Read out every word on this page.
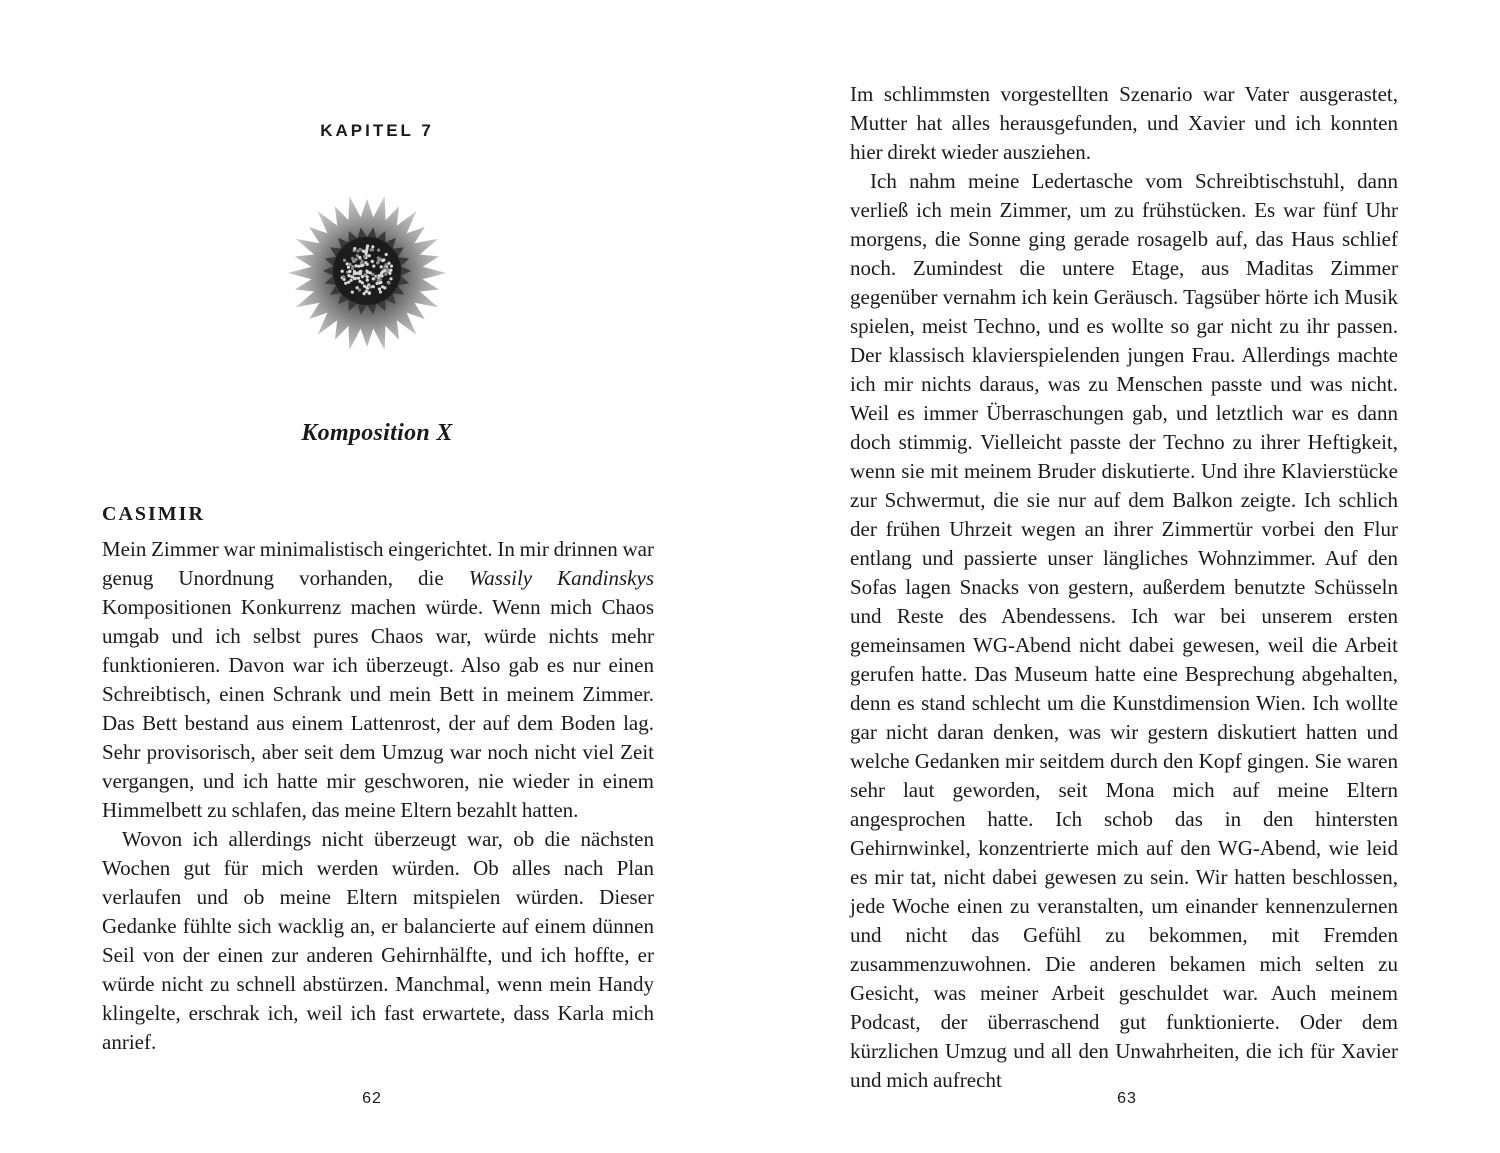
KAPITEL 7
Komposition X
CASIMIR

Mein Zimmer war minimalistisch eingerichtet. In mir drinnen war genug Unordnung vorhanden, die Wassily Kandinskys Kompositionen Konkurrenz machen würde. Wenn mich Chaos umgab und ich selbst pures Chaos war, würde nichts mehr funktionieren. Davon war ich überzeugt. Also gab es nur einen Schreibtisch, einen Schrank und mein Bett in meinem Zimmer. Das Bett bestand aus einem Lattenrost, der auf dem Boden lag. Sehr provisorisch, aber seit dem Umzug war noch nicht viel Zeit vergangen, und ich hatte mir geschworen, nie wieder in einem Himmelbett zu schlafen, das meine Eltern bezahlt hatten.

Wovon ich allerdings nicht überzeugt war, ob die nächsten Wochen gut für mich werden würden. Ob alles nach Plan verlaufen und ob meine Eltern mitspielen würden. Dieser Gedanke fühlte sich wacklig an, er balancierte auf einem dünnen Seil von der einen zur anderen Gehirnhälfte, und ich hoffte, er würde nicht zu schnell abstürzen. Manchmal, wenn mein Handy klingelte, erschrak ich, weil ich fast erwartete, dass Karla mich anrief.

62

Im schlimmsten vorgestellten Szenario war Vater ausgerastet, Mutter hat alles herausgefunden, und Xavier und ich konnten hier direkt wieder ausziehen.

Ich nahm meine Ledertasche vom Schreibtischstuhl, dann verließ ich mein Zimmer, um zu frühstücken. Es war fünf Uhr morgens, die Sonne ging gerade rosagelb auf, das Haus schlief noch. Zumindest die untere Etage, aus Maditas Zimmer gegenüber vernahm ich kein Geräusch. Tagsüber hörte ich Musik spielen, meist Techno, und es wollte so gar nicht zu ihr passen. Der klassisch klavierspielenden jungen Frau. Allerdings machte ich mir nichts daraus, was zu Menschen passte und was nicht. Weil es immer Überraschungen gab, und letztlich war es dann doch stimmig. Vielleicht passte der Techno zu ihrer Heftigkeit, wenn sie mit meinem Bruder diskutierte. Und ihre Klavierstücke zur Schwermut, die sie nur auf dem Balkon zeigte. Ich schlich der frühen Uhrzeit wegen an ihrer Zimmertür vorbei den Flur entlang und passierte unser längliches Wohnzimmer. Auf den Sofas lagen Snacks von gestern, außerdem benutzte Schüsseln und Reste des Abendessens. Ich war bei unserem ersten gemeinsamen WG-Abend nicht dabei gewesen, weil die Arbeit gerufen hatte. Das Museum hatte eine Besprechung abgehalten, denn es stand schlecht um die Kunstdimension Wien. Ich wollte gar nicht daran denken, was wir gestern diskutiert hatten und welche Gedanken mir seitdem durch den Kopf gingen. Sie waren sehr laut geworden, seit Mona mich auf meine Eltern angesprochen hatte. Ich schob das in den hintersten Gehirnwinkel, konzentrierte mich auf den WG-Abend, wie leid es mir tat, nicht dabei gewesen zu sein. Wir hatten beschlossen, jede Woche einen zu veranstalten, um einander kennenzulernen und nicht das Gefühl zu bekommen, mit Fremden zusammenzuwohnen. Die anderen bekamen mich selten zu Gesicht, was meiner Arbeit geschuldet war. Auch meinem Podcast, der überraschend gut funktionierte. Oder dem kürzlichen Umzug und all den Unwahrheiten, die ich für Xavier und mich aufrecht

63
